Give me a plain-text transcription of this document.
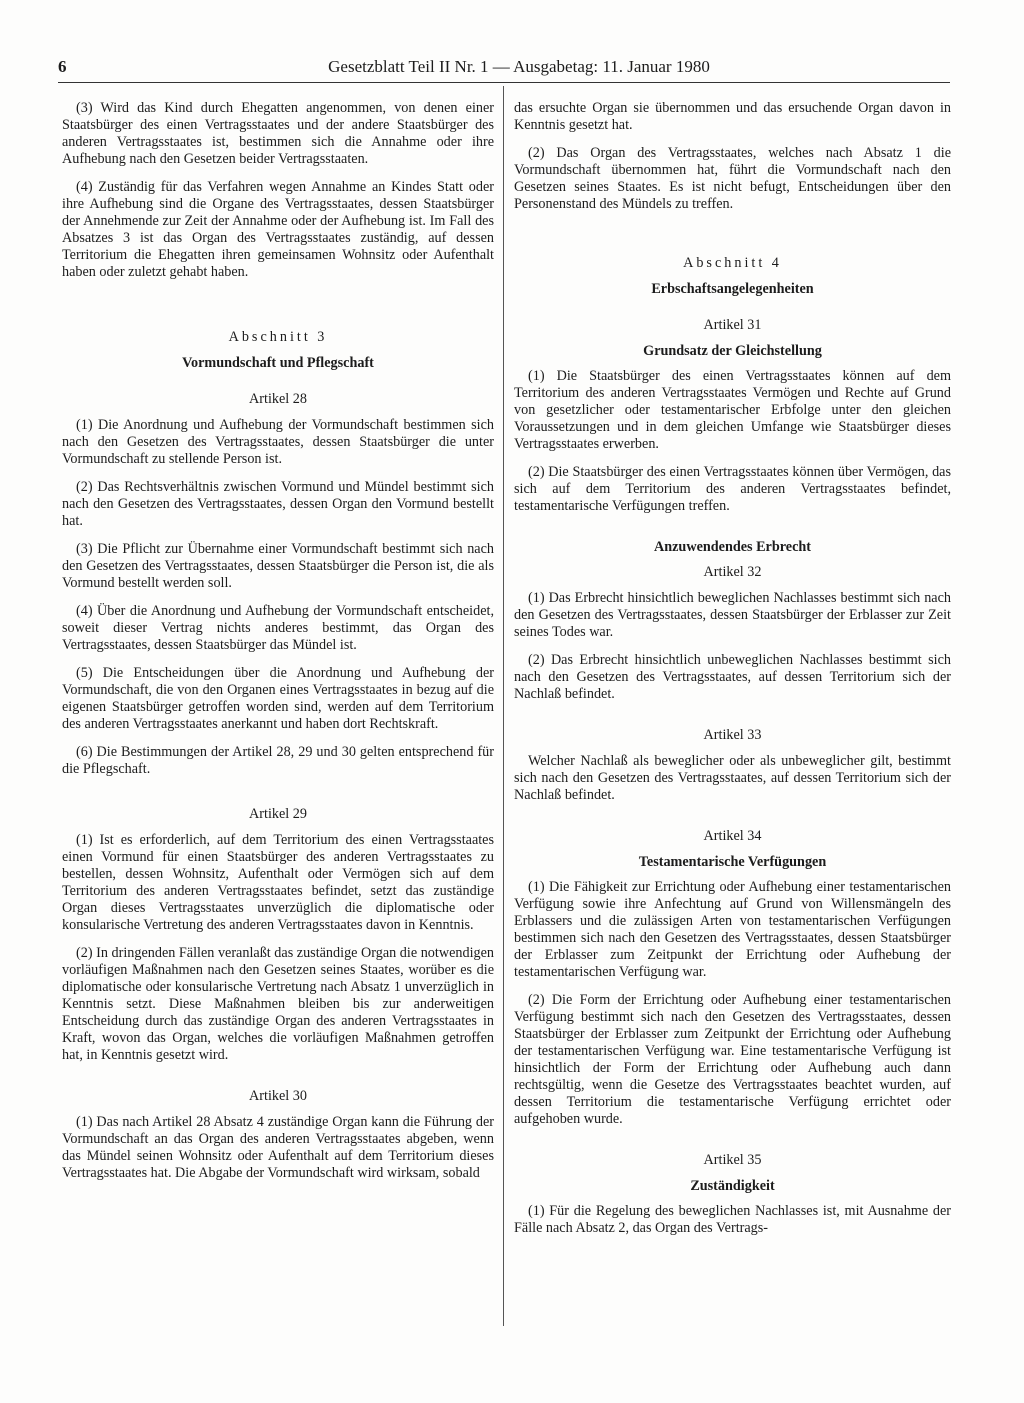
6	Gesetzblatt Teil II Nr. 1 — Ausgabetag: 11. Januar 1980

(3) Wird das Kind durch Ehegatten angenommen, von denen einer Staatsbürger des einen Vertragsstaates und der andere Staatsbürger des anderen Vertragsstaates ist, bestimmen sich die Annahme oder ihre Aufhebung nach den Gesetzen beider Vertragsstaaten.

(4) Zuständig für das Verfahren wegen Annahme an Kindes Statt oder ihre Aufhebung sind die Organe des Vertragsstaates, dessen Staatsbürger der Annehmende zur Zeit der Annahme oder der Aufhebung ist. Im Fall des Absatzes 3 ist das Organ des Vertragsstaates zuständig, auf dessen Territorium die Ehegatten ihren gemeinsamen Wohnsitz oder Aufenthalt haben oder zuletzt gehabt haben.

Abschnitt 3
Vormundschaft und Pflegschaft
Artikel 28

(1) Die Anordnung und Aufhebung der Vormundschaft bestimmen sich nach den Gesetzen des Vertragsstaates, dessen Staatsbürger die unter Vormundschaft zu stellende Person ist.

(2) Das Rechtsverhältnis zwischen Vormund und Mündel bestimmt sich nach den Gesetzen des Vertragsstaates, dessen Organ den Vormund bestellt hat.

(3) Die Pflicht zur Übernahme einer Vormundschaft bestimmt sich nach den Gesetzen des Vertragsstaates, dessen Staatsbürger die Person ist, die als Vormund bestellt werden soll.

(4) Über die Anordnung und Aufhebung der Vormundschaft entscheidet, soweit dieser Vertrag nichts anderes bestimmt, das Organ des Vertragsstaates, dessen Staatsbürger das Mündel ist.

(5) Die Entscheidungen über die Anordnung und Aufhebung der Vormundschaft, die von den Organen eines Vertragsstaates in bezug auf die eigenen Staatsbürger getroffen worden sind, werden auf dem Territorium des anderen Vertragsstaates anerkannt und haben dort Rechtskraft.

(6) Die Bestimmungen der Artikel 28, 29 und 30 gelten entsprechend für die Pflegschaft.

Artikel 29

(1) Ist es erforderlich, auf dem Territorium des einen Vertragsstaates einen Vormund für einen Staatsbürger des anderen Vertragsstaates zu bestellen, dessen Wohnsitz, Aufenthalt oder Vermögen sich auf dem Territorium des anderen Vertragsstaates befindet, setzt das zuständige Organ dieses Vertragsstaates unverzüglich die diplomatische oder konsularische Vertretung des anderen Vertragsstaates davon in Kenntnis.

(2) In dringenden Fällen veranlaßt das zuständige Organ die notwendigen vorläufigen Maßnahmen nach den Gesetzen seines Staates, worüber es die diplomatische oder konsularische Vertretung nach Absatz 1 unverzüglich in Kenntnis setzt. Diese Maßnahmen bleiben bis zur anderweitigen Entscheidung durch das zuständige Organ des anderen Vertragsstaates in Kraft, wovon das Organ, welches die vorläufigen Maßnahmen getroffen hat, in Kenntnis gesetzt wird.

Artikel 30

(1) Das nach Artikel 28 Absatz 4 zuständige Organ kann die Führung der Vormundschaft an das Organ des anderen Vertragsstaates abgeben, wenn das Mündel seinen Wohnsitz oder Aufenthalt auf dem Territorium dieses Vertragsstaates hat. Die Abgabe der Vormundschaft wird wirksam, sobald

das ersuchte Organ sie übernommen und das ersuchende Organ davon in Kenntnis gesetzt hat.

(2) Das Organ des Vertragsstaates, welches nach Absatz 1 die Vormundschaft übernommen hat, führt die Vormundschaft nach den Gesetzen seines Staates. Es ist nicht befugt, Entscheidungen über den Personenstand des Mündels zu treffen.

Abschnitt 4
Erbschaftsangelegenheiten
Artikel 31
Grundsatz der Gleichstellung

(1) Die Staatsbürger des einen Vertragsstaates können auf dem Territorium des anderen Vertragsstaates Vermögen und Rechte auf Grund von gesetzlicher oder testamentarischer Erbfolge unter den gleichen Voraussetzungen und in dem gleichen Umfange wie Staatsbürger dieses Vertragsstaates erwerben.

(2) Die Staatsbürger des einen Vertragsstaates können über Vermögen, das sich auf dem Territorium des anderen Vertragsstaates befindet, testamentarische Verfügungen treffen.

Anzuwendendes Erbrecht
Artikel 32

(1) Das Erbrecht hinsichtlich beweglichen Nachlasses bestimmt sich nach den Gesetzen des Vertragsstaates, dessen Staatsbürger der Erblasser zur Zeit seines Todes war.

(2) Das Erbrecht hinsichtlich unbeweglichen Nachlasses bestimmt sich nach den Gesetzen des Vertragsstaates, auf dessen Territorium sich der Nachlaß befindet.

Artikel 33

Welcher Nachlaß als beweglicher oder als unbeweglicher gilt, bestimmt sich nach den Gesetzen des Vertragsstaates, auf dessen Territorium sich der Nachlaß befindet.

Artikel 34
Testamentarische Verfügungen

(1) Die Fähigkeit zur Errichtung oder Aufhebung einer testamentarischen Verfügung sowie ihre Anfechtung auf Grund von Willensmängeln des Erblassers und die zulässigen Arten von testamentarischen Verfügungen bestimmen sich nach den Gesetzen des Vertragsstaates, dessen Staatsbürger der Erblasser zum Zeitpunkt der Errichtung oder Aufhebung der testamentarischen Verfügung war.

(2) Die Form der Errichtung oder Aufhebung einer testamentarischen Verfügung bestimmt sich nach den Gesetzen des Vertragsstaates, dessen Staatsbürger der Erblasser zum Zeitpunkt der Errichtung oder Aufhebung der testamentarischen Verfügung war. Eine testamentarische Verfügung ist hinsichtlich der Form der Errichtung oder Aufhebung auch dann rechtsgültig, wenn die Gesetze des Vertragsstaates beachtet wurden, auf dessen Territorium die testamentarische Verfügung errichtet oder aufgehoben wurde.

Artikel 35
Zuständigkeit

(1) Für die Regelung des beweglichen Nachlasses ist, mit Ausnahme der Fälle nach Absatz 2, das Organ des Vertrags-
